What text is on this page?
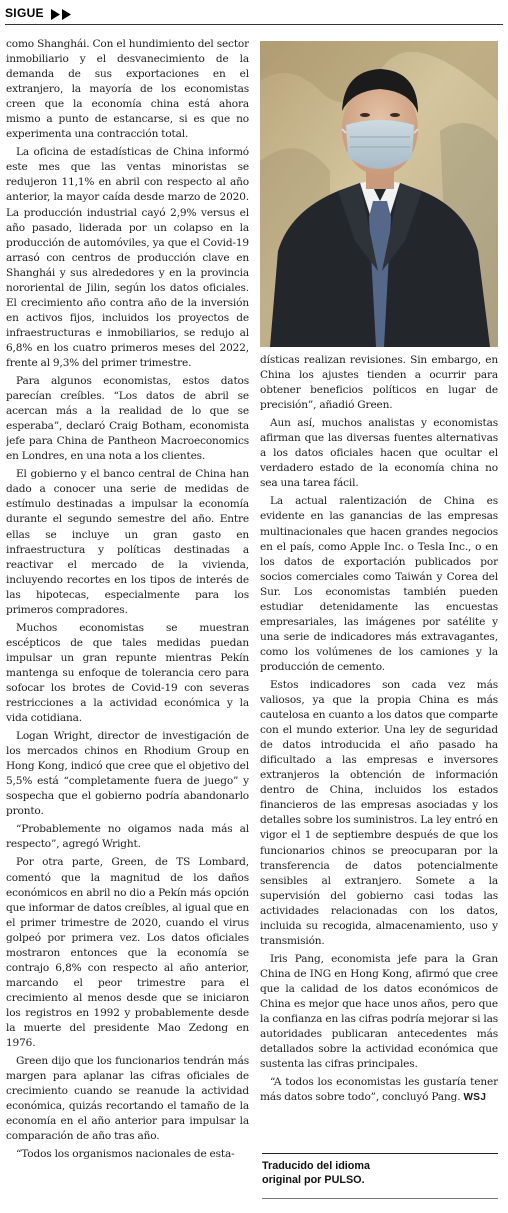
SIGUE

como Shanghái. Con el hundimiento del sector inmobiliario y el desvanecimiento de la demanda de sus exportaciones en el extranjero, la mayoría de los economistas creen que la economía china está ahora mismo a punto de estancarse, si es que no experimenta una contracción total.

La oficina de estadísticas de China informó este mes que las ventas minoristas se redujeron 11,1% en abril con respecto al año anterior, la mayor caída desde marzo de 2020. La producción industrial cayó 2,9% versus el año pasado, liderada por un colapso en la producción de automóviles, ya que el Covid-19 arrasó con centros de producción clave en Shanghái y sus alrededores y en la provincia nororiental de Jilin, según los datos oficiales. El crecimiento año contra año de la inversión en activos fijos, incluidos los proyectos de infraestructuras e inmobiliarios, se redujo al 6,8% en los cuatro primeros meses del 2022, frente al 9,3% del primer trimestre.

Para algunos economistas, estos datos parecían creíbles. “Los datos de abril se acercan más a la realidad de lo que se esperaba”, declaró Craig Botham, economista jefe para China de Pantheon Macroeconomics en Londres, en una nota a los clientes.

El gobierno y el banco central de China han dado a conocer una serie de medidas de estímulo destinadas a impulsar la economía durante el segundo semestre del año. Entre ellas se incluye un gran gasto en infraestructura y políticas destinadas a reactivar el mercado de la vivienda, incluyendo recortes en los tipos de interés de las hipotecas, especialmente para los primeros compradores.

Muchos economistas se muestran escépticos de que tales medidas puedan impulsar un gran repunte mientras Pekín mantenga su enfoque de tolerancia cero para sofocar los brotes de Covid-19 con severas restricciones a la actividad económica y la vida cotidiana.

Logan Wright, director de investigación de los mercados chinos en Rhodium Group en Hong Kong, indicó que cree que el objetivo del 5,5% está “completamente fuera de juego” y sospecha que el gobierno podría abandonarlo pronto.

“Probablemente no oigamos nada más al respecto”, agregó Wright.

Por otra parte, Green, de TS Lombard, comentó que la magnitud de los daños económicos en abril no dio a Pekín más opción que informar de datos creíbles, al igual que en el primer trimestre de 2020, cuando el virus golpeó por primera vez. Los datos oficiales mostraron entonces que la economía se contrajo 6,8% con respecto al año anterior, marcando el peor trimestre para el crecimiento al menos desde que se iniciaron los registros en 1992 y probablemente desde la muerte del presidente Mao Zedong en 1976.

Green dijo que los funcionarios tendrán más margen para aplanar las cifras oficiales de crecimiento cuando se reanude la actividad económica, quizás recortando el tamaño de la economía en el año anterior para impulsar la comparación de año tras año.

“Todos los organismos nacionales de esta-

dísticas realizan revisiones. Sin embargo, en China los ajustes tienden a ocurrir para obtener beneficios políticos en lugar de precisión”, añadió Green.

Aun así, muchos analistas y economistas afirman que las diversas fuentes alternativas a los datos oficiales hacen que ocultar el verdadero estado de la economía china no sea una tarea fácil.

La actual ralentización de China es evidente en las ganancias de las empresas multinacionales que hacen grandes negocios en el país, como Apple Inc. o Tesla Inc., o en los datos de exportación publicados por socios comerciales como Taiwán y Corea del Sur. Los economistas también pueden estudiar detenidamente las encuestas empresariales, las imágenes por satélite y una serie de indicadores más extravagantes, como los volúmenes de los camiones y la producción de cemento.

Estos indicadores son cada vez más valiosos, ya que la propia China es más cautelosa en cuanto a los datos que comparte con el mundo exterior. Una ley de seguridad de datos introducida el año pasado ha dificultado a las empresas e inversores extranjeros la obtención de información dentro de China, incluidos los estados financieros de las empresas asociadas y los detalles sobre los suministros. La ley entró en vigor el 1 de septiembre después de que los funcionarios chinos se preocuparan por la transferencia de datos potencialmente sensibles al extranjero. Somete a la supervisión del gobierno casi todas las actividades relacionadas con los datos, incluida su recogida, almacenamiento, uso y transmisión.

Iris Pang, economista jefe para la Gran China de ING en Hong Kong, afirmó que cree que la calidad de los datos económicos de China es mejor que hace unos años, pero que la confianza en las cifras podría mejorar si las autoridades publicaran antecedentes más detallados sobre la actividad económica que sustenta las cifras principales.

“A todos los economistas les gustaría tener más datos sobre todo”, concluyó Pang. WSJ

Traducido del idioma
original por PULSO.
